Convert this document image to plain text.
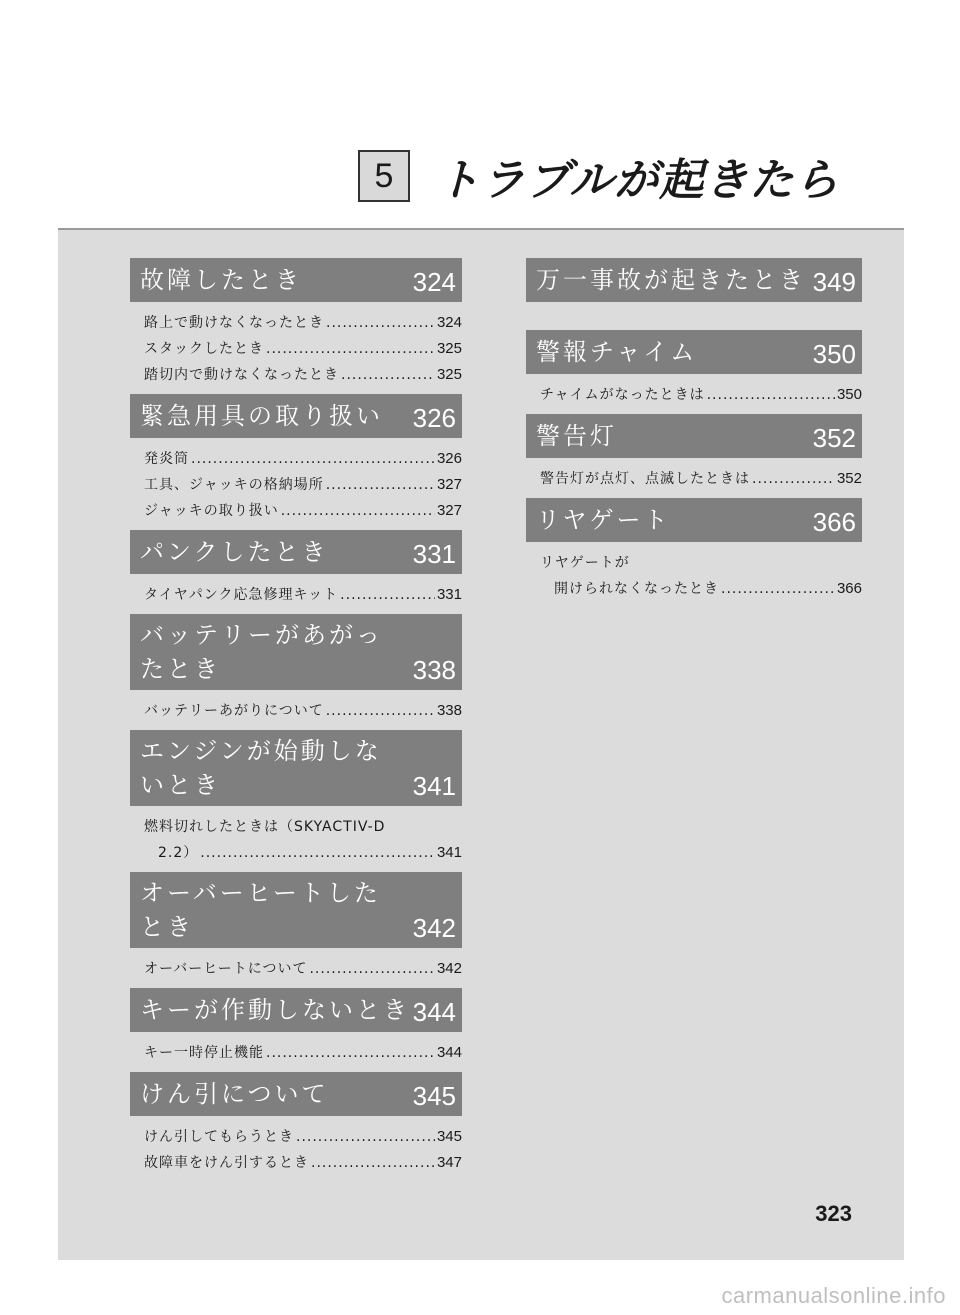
5 トラブルが起きたら
故障したとき	324
路上で動けなくなったとき .....	324
スタックしたとき .....	325
踏切内で動けなくなったとき .....	325
緊急用具の取り扱い 326
発炎筒 .....	326
工具、ジャッキの格納場所 .....	327
ジャッキの取り扱い .....	327
パンクしたとき	331
タイヤパンク応急修理キット .....	331
バッテリーがあがったとき	338
バッテリーあがりについて .....	338
エンジンが始動しないとき	341
燃料切れしたときは（SKYACTIV-D
2.2） .....	341
オーバーヒートしたとき	342
オーバーヒートについて .....	342
キーが作動しないとき 344
キー一時停止機能 .....	344
けん引について	345
けん引してもらうとき .....	345
故障車をけん引するとき .....	347
万一事故が起きたとき 349
警報チャイム	350
チャイムがなったときは .....	350
警告灯	352
警告灯が点灯、点滅したときは .....	352
リヤゲート	366
リヤゲートが
開けられなくなったとき .....	366
323
carmanualsonline.info
